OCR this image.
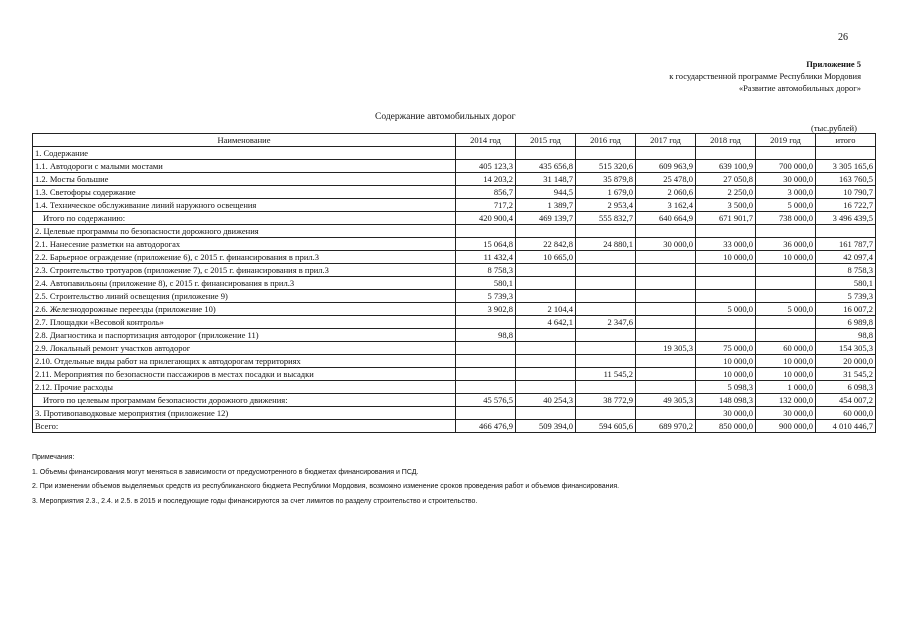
26
Приложение 5
к государственной программе Республики Мордовия
«Развитие автомобильных дорог»
Содержание автомобильных дорог
(тыс.рублей)
Наименование	2014 год	2015 год	2016 год	2017 год	2018 год	2019 год	итого
1. Содержание							
1.1. Автодороги с малыми мостами	405 123,3	435 656,8	515 320,6	609 963,9	639 100,9	700 000,0	3 305 165,6
1.2. Мосты большие	14 203,2	31 148,7	35 879,8	25 478,0	27 050,8	30 000,0	163 760,5
1.3. Светофоры содержание	856,7	944,5	1 679,0	2 060,6	2 250,0	3 000,0	10 790,7
1.4. Техническое обслуживание линий наружного освещения	717,2	1 389,7	2 953,4	3 162,4	3 500,0	5 000,0	16 722,7
Итого по содержанию:	420 900,4	469 139,7	555 832,7	640 664,9	671 901,7	738 000,0	3 496 439,5
2. Целевые программы по безопасности дорожного движения							
2.1. Нанесение разметки на автодорогах	15 064,8	22 842,8	24 880,1	30 000,0	33 000,0	36 000,0	161 787,7
2.2. Барьерное ограждение (приложение 6), с 2015 г. финансирования в прил.3	11 432,4	10 665,0			10 000,0	10 000,0	42 097,4
2.3. Строительство тротуаров (приложение 7), с 2015 г. финансирования в прил.3	8 758,3						8 758,3
2.4. Автопавильоны (приложение 8), с 2015 г. финансирования в прил.3	580,1						580,1
2.5. Строительство линий освещения (приложение 9)	5 739,3						5 739,3
2.6. Железнодорожные переезды (приложение 10)	3 902,8	2 104,4			5 000,0	5 000,0	16 007,2
2.7. Площадки «Весовой контроль»		4 642,1	2 347,6				6 989,8
2.8. Диагностика и паспортизация автодорог (приложение 11)	98,8						98,8
2.9. Локальный ремонт участков автодорог				19 305,3	75 000,0	60 000,0	154 305,3
2.10. Отдельные виды работ на прилегающих к автодорогам территориях					10 000,0	10 000,0	20 000,0
2.11. Мероприятия по безопасности пассажиров в местах посадки и высадки			11 545,2		10 000,0	10 000,0	31 545,2
2.12. Прочие расходы					5 098,3	1 000,0	6 098,3
Итого по целевым программам безопасности дорожного движения:	45 576,5	40 254,3	38 772,9	49 305,3	148 098,3	132 000,0	454 007,2
3. Противопаводковые мероприятия (приложение 12)					30 000,0	30 000,0	60 000,0
Всего:	466 476,9	509 394,0	594 605,6	689 970,2	850 000,0	900 000,0	4 010 446,7

Примечания:

1. Объемы финансирования могут меняться в зависимости от предусмотренного в бюджетах финансирования и ПСД.

2. При изменении объемов выделяемых средств из республиканского бюджета Республики Мордовия, возможно изменение сроков проведения работ и объемов финансирования.

3. Мероприятия 2.3., 2.4. и 2.5. в 2015 и последующие годы финансируются за счет лимитов по разделу строительство и строительство.
